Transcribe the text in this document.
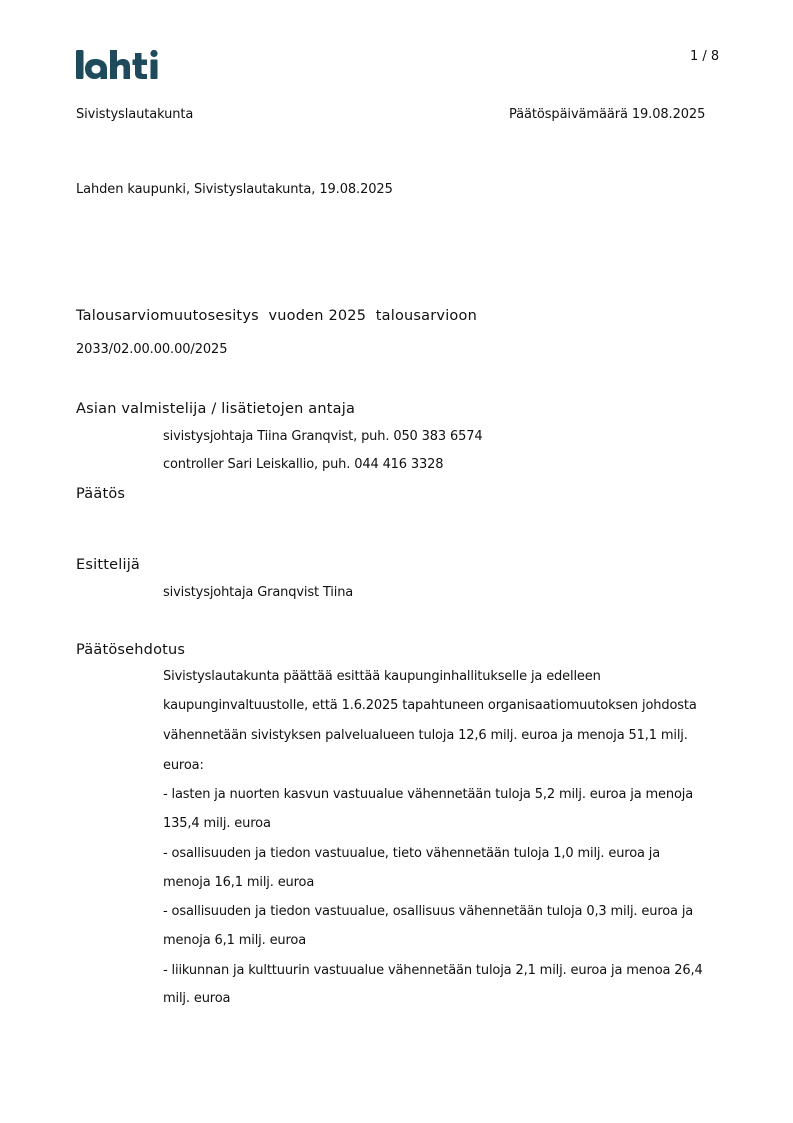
1 / 8
Sivistyslautakunta	Päätöspäivämäärä 19.08.2025
Lahden kaupunki, Sivistyslautakunta, 19.08.2025
Talousarviomuutosesitys  vuoden 2025  talousarvioon
2033/02.00.00.00/2025
Asian valmistelija / lisätietojen antaja
sivistysjohtaja Tiina Granqvist, puh. 050 383 6574
controller Sari Leiskallio, puh. 044 416 3328
Päätös
Esittelijä
sivistysjohtaja Granqvist Tiina
Päätösehdotus
Sivistyslautakunta päättää esittää kaupunginhallitukselle ja edelleen
kaupunginvaltuustolle, että 1.6.2025 tapahtuneen organisaatiomuutoksen johdosta
vähennetään sivistyksen palvelualueen tuloja 12,6 milj. euroa ja menoja 51,1 milj.
euroa:
- lasten ja nuorten kasvun vastuualue vähennetään tuloja 5,2 milj. euroa ja menoja
135,4 milj. euroa
- osallisuuden ja tiedon vastuualue, tieto vähennetään tuloja 1,0 milj. euroa ja
menoja 16,1 milj. euroa
- osallisuuden ja tiedon vastuualue, osallisuus vähennetään tuloja 0,3 milj. euroa ja
menoja 6,1 milj. euroa
- liikunnan ja kulttuurin vastuualue vähennetään tuloja 2,1 milj. euroa ja menoa 26,4
milj. euroa
